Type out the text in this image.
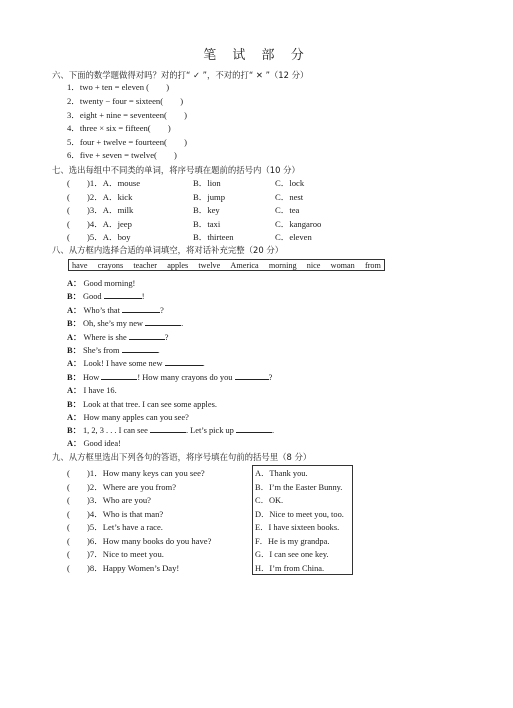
笔 试 部 分
六、下面的数学题做得对吗？对的打“ ✓ ”，不对的打“ ✕ ”（12 分）
1．two + ten = eleven (　　)
2．twenty − four = sixteen(　　)
3．eight + nine = seventeen(　　)
4．three × six = fifteen(　　)
5．four + twelve = fourteen(　　)
6．five + seven = twelve(　　)
七、选出每组中不同类的单词，将序号填在题前的括号内（10 分）
(　　)1．A．mouse	B．lion	C．lock
(　　)2．A．kick	B．jump	C．nest
(　　)3．A．milk	B．key	C．tea
(　　)4．A．jeep	B．taxi	C．kangaroo
(　　)5．A．boy	B．thirteen	C．eleven
八、从方框内选择合适的单词填空，将对话补充完整（20 分）
have crayons teacher apples twelve America morning nice woman from
A： Good morning!
B： Good	!
A： Who’s that	?
B： Oh, she’s my new	.
A： Where is she	?
B： She’s from	.
A： Look! I have some new	.
B： How	! How many crayons do you	?
A： I have 16.
B： Look at that tree. I can see some apples.
A： How many apples can you see?
B： 1, 2, 3 . . . I can see	. Let’s pick up	.
A： Good idea!
九、从方框里选出下列各句的答语，将序号填在句前的括号里（8 分）
(　　)1．How many keys can you see?
(　　)2．Where are you from?
(　　)3．Who are you?
(　　)4．Who is that man?
(　　)5．Let’s have a race.
(　　)6．How many books do you have?
(　　)7．Nice to meet you.
(　　)8．Happy Women’s Day!
A．Thank you.
B．I’m the Easter Bunny.
C．OK.
D．Nice to meet you, too.
E．I have sixteen books.
F．He is my grandpa.
G．I can see one key.
H．I’m from China.
